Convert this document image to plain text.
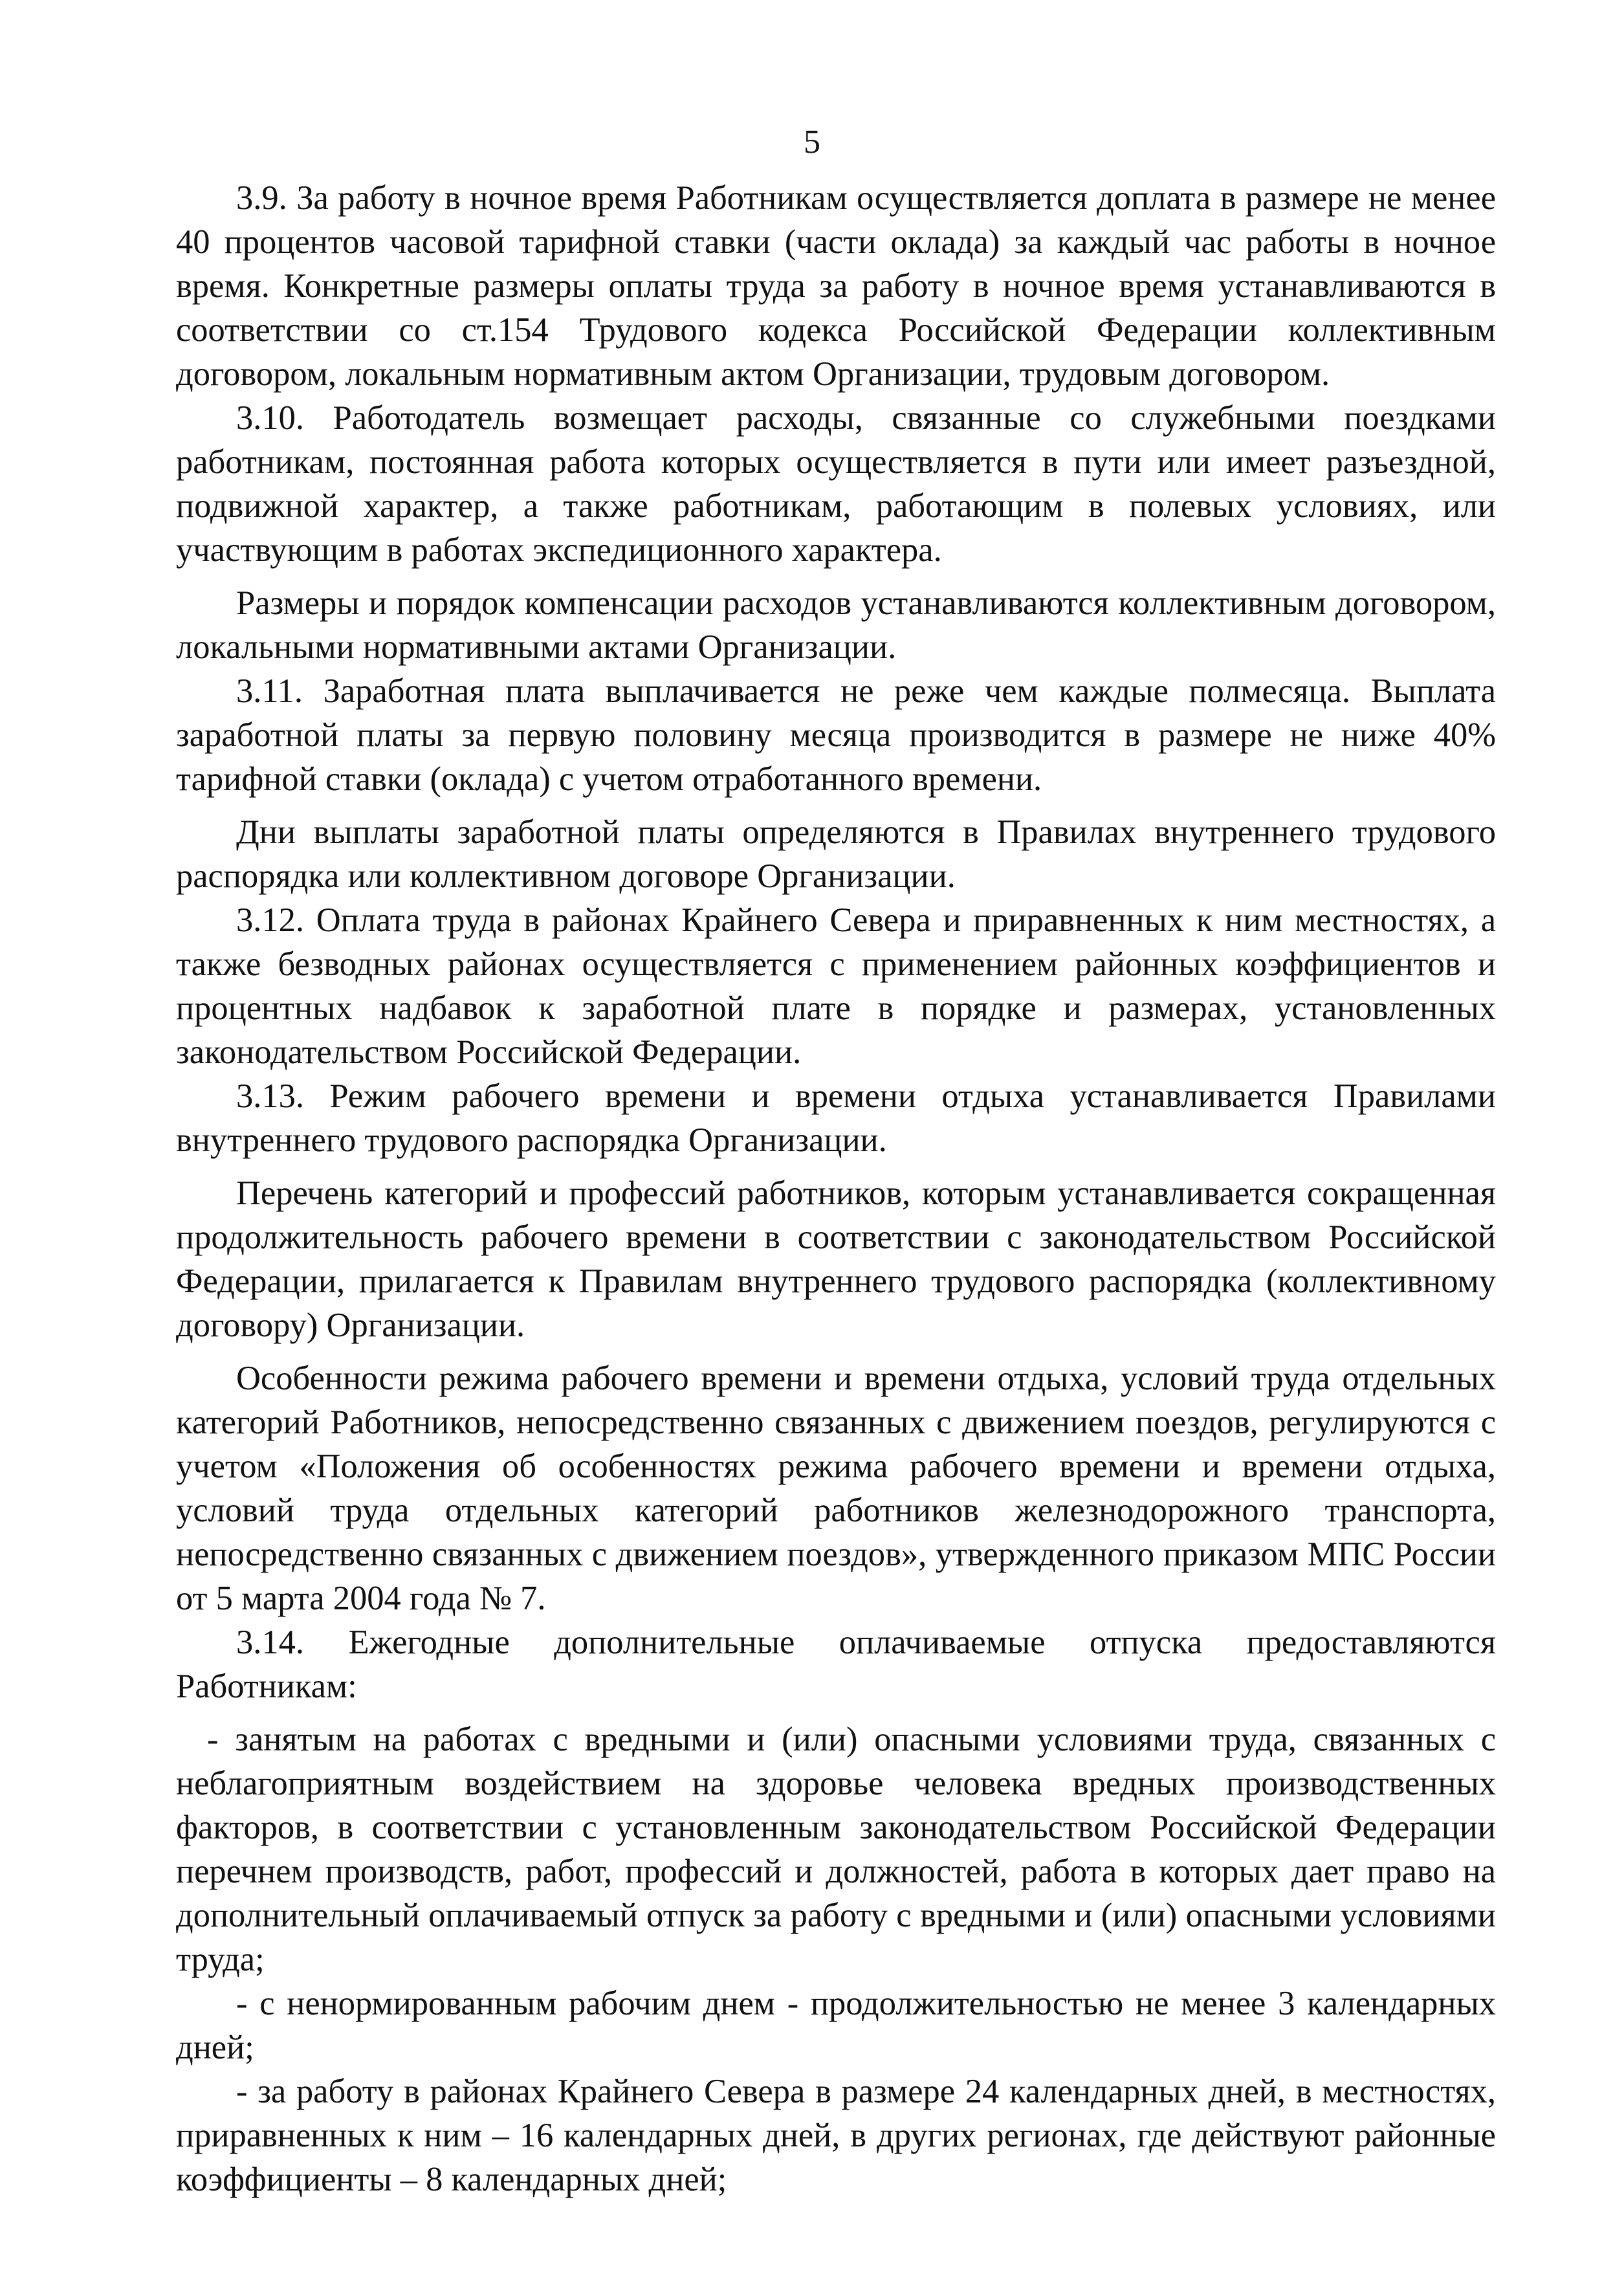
5

3.9. За работу в ночное время Работникам осуществляется доплата в размере не менее 40 процентов часовой тарифной ставки (части оклада) за каждый час работы в ночное время. Конкретные размеры оплаты труда за работу в ночное время устанавливаются в соответствии со ст.154 Трудового кодекса Российской Федерации коллективным договором, локальным нормативным актом Организации, трудовым договором.

3.10. Работодатель возмещает расходы, связанные со служебными поездками работникам, постоянная работа которых осуществляется в пути или имеет разъездной, подвижной характер, а также работникам, работающим в полевых условиях, или участвующим в работах экспедиционного характера.

Размеры и порядок компенсации расходов устанавливаются коллективным договором, локальными нормативными актами Организации.

3.11. Заработная плата выплачивается не реже чем каждые полмесяца. Выплата заработной платы за первую половину месяца производится в размере не ниже 40% тарифной ставки (оклада) с учетом отработанного времени.

Дни выплаты заработной платы определяются в Правилах внутреннего трудового распорядка или коллективном договоре Организации.

3.12. Оплата труда в районах Крайнего Севера и приравненных к ним местностях, а также безводных районах осуществляется с применением районных коэффициентов и процентных надбавок к заработной плате в порядке и размерах, установленных законодательством Российской Федерации.

3.13. Режим рабочего времени и времени отдыха устанавливается Правилами внутреннего трудового распорядка Организации.

Перечень категорий и профессий работников, которым устанавливается сокращенная продолжительность рабочего времени в соответствии с законодательством Российской Федерации, прилагается к Правилам внутреннего трудового распорядка (коллективному договору) Организации.

Особенности режима рабочего времени и времени отдыха, условий труда отдельных категорий Работников, непосредственно связанных с движением поездов, регулируются с учетом «Положения об особенностях режима рабочего времени и времени отдыха, условий труда отдельных категорий работников железнодорожного транспорта, непосредственно связанных с движением поездов», утвержденного приказом МПС России от 5 марта 2004 года № 7.

3.14. Ежегодные дополнительные оплачиваемые отпуска предоставляются Работникам:

- занятым на работах с вредными и (или) опасными условиями труда, связанных с неблагоприятным воздействием на здоровье человека вредных производственных факторов, в соответствии с установленным законодательством Российской Федерации перечнем производств, работ, профессий и должностей, работа в которых дает право на дополнительный оплачиваемый отпуск за работу с вредными и (или) опасными условиями труда;

- с ненормированным рабочим днем - продолжительностью не менее 3 календарных дней;

- за работу в районах Крайнего Севера в размере 24 календарных дней, в местностях, приравненных к ним – 16 календарных дней, в других регионах, где действуют районные коэффициенты – 8 календарных дней;
